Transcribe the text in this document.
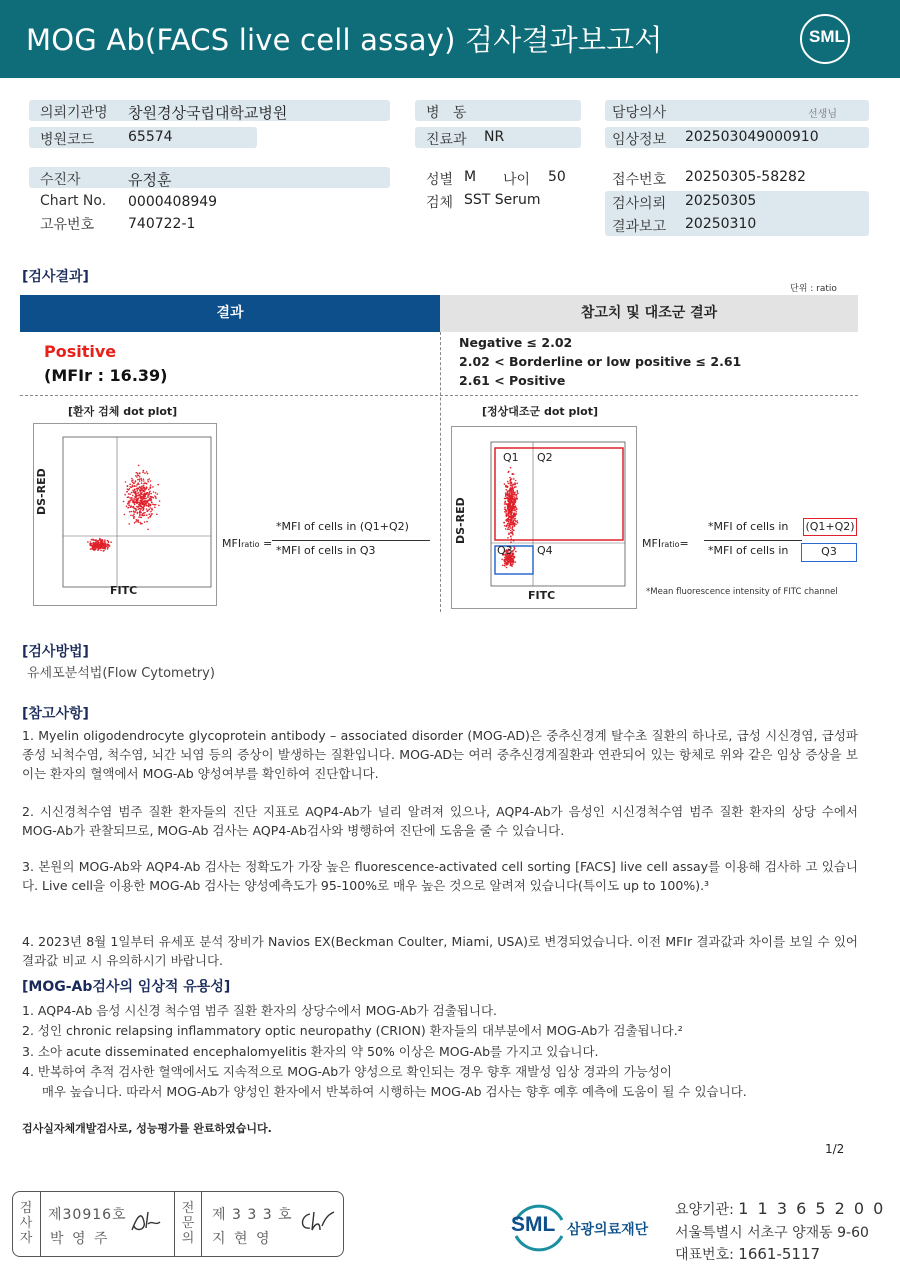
MOG Ab(FACS live cell assay) 검사결과보고서	SML
의뢰기관명 창원경상국립대학교병원
병원코드 65574
수진자	유정훈
Chart No. 0000408949
고유번호 740722-1
병   동
진료과 NR
성별 M 나이 50
검체 SST Serum
담당의사	선생님
임상정보 202503049000910
접수번호 20250305-58282
검사의뢰 20250305
결과보고 20250310
[검사결과]
단위 : ratio
결과	참고치 및 대조군 결과
Positive
(MFIr : 16.39)
Negative ≤ 2.02
2.02 < Borderline or low positive ≤ 2.61
2.61 < Positive
[환자 검체 dot plot]
DS-RED
FITC
MFIratio =
*MFI of cells in (Q1+Q2)
*MFI of cells in Q3
[정상대조군 dot plot]
Q1 Q2
Q3 Q4
DS-RED
FITC
MFIratio=
*MFI of cells in (Q1+Q2)
*MFI of cells in	Q3
*Mean fluorescence intensity of FITC channel
[검사방법]
유세포분석법(Flow Cytometry)
[참고사항]
1. Myelin oligodendrocyte glycoprotein antibody – associated disorder (MOG-AD)은 중추신경계 탈수초 질환의 하나로, 급성 시신경염, 급성파종성 뇌척수염, 척수염, 뇌간 뇌염 등의 증상이 발생하는 질환입니다. MOG-AD는 여러 중추신경계질환과 연관되어 있는 항체로 위와 같은 임상 증상을 보이는 환자의 혈액에서 MOG-Ab 양성여부를 확인하여 진단합니다.
2. 시신경척수염 범주 질환 환자들의 진단 지표로 AQP4-Ab가 널리 알려져 있으나, AQP4-Ab가 음성인 시신경척수염 범주 질환 환자의 상당 수에서 MOG-Ab가 관찰되므로, MOG-Ab 검사는 AQP4-Ab검사와 병행하여 진단에 도움을 줄 수 있습니다.
3. 본원의 MOG-Ab와 AQP4-Ab 검사는 정확도가 가장 높은 fluorescence-activated cell sorting [FACS] live cell assay를 이용해 검사하 고 있습니다. Live cell을 이용한 MOG-Ab 검사는 양성예측도가 95-100%로 매우 높은 것으로 알려져 있습니다(특이도 up to 100%).³
4. 2023년 8월 1일부터 유세포 분석 장비가 Navios EX(Beckman Coulter, Miami, USA)로 변경되었습니다. 이전 MFIr 결과값과 차이를 보일 수 있어 결과값 비교 시 유의하시기 바랍니다.
[MOG-Ab검사의 임상적 유용성]
1. AQP4-Ab 음성 시신경 척수염 범주 질환 환자의 상당수에서 MOG-Ab가 검출됩니다.
2. 성인 chronic relapsing inflammatory optic neuropathy (CRION) 환자들의 대부분에서 MOG-Ab가 검출됩니다.²
3. 소아 acute disseminated encephalomyelitis 환자의 약 50% 이상은 MOG-Ab를 가지고 있습니다.
4. 반복하여 추적 검사한 혈액에서도 지속적으로 MOG-Ab가 양성으로 확인되는 경우 향후 재발성 임상 경과의 가능성이
매우 높습니다. 따라서 MOG-Ab가 양성인 환자에서 반복하여 시행하는 MOG-Ab 검사는 향후 예후 예측에 도움이 될 수 있습니다.
검사실자체개발검사로, 성능평가를 완료하였습니다.
1/2
검사자
제30916호
박 영 주
전문의
제 3 3 3 호
지 현 영
SML 삼광의료재단
요양기관: 1 1 3 6 5 2 0 0
서울특별시 서초구 양재동 9-60
대표번호: 1661-5117
